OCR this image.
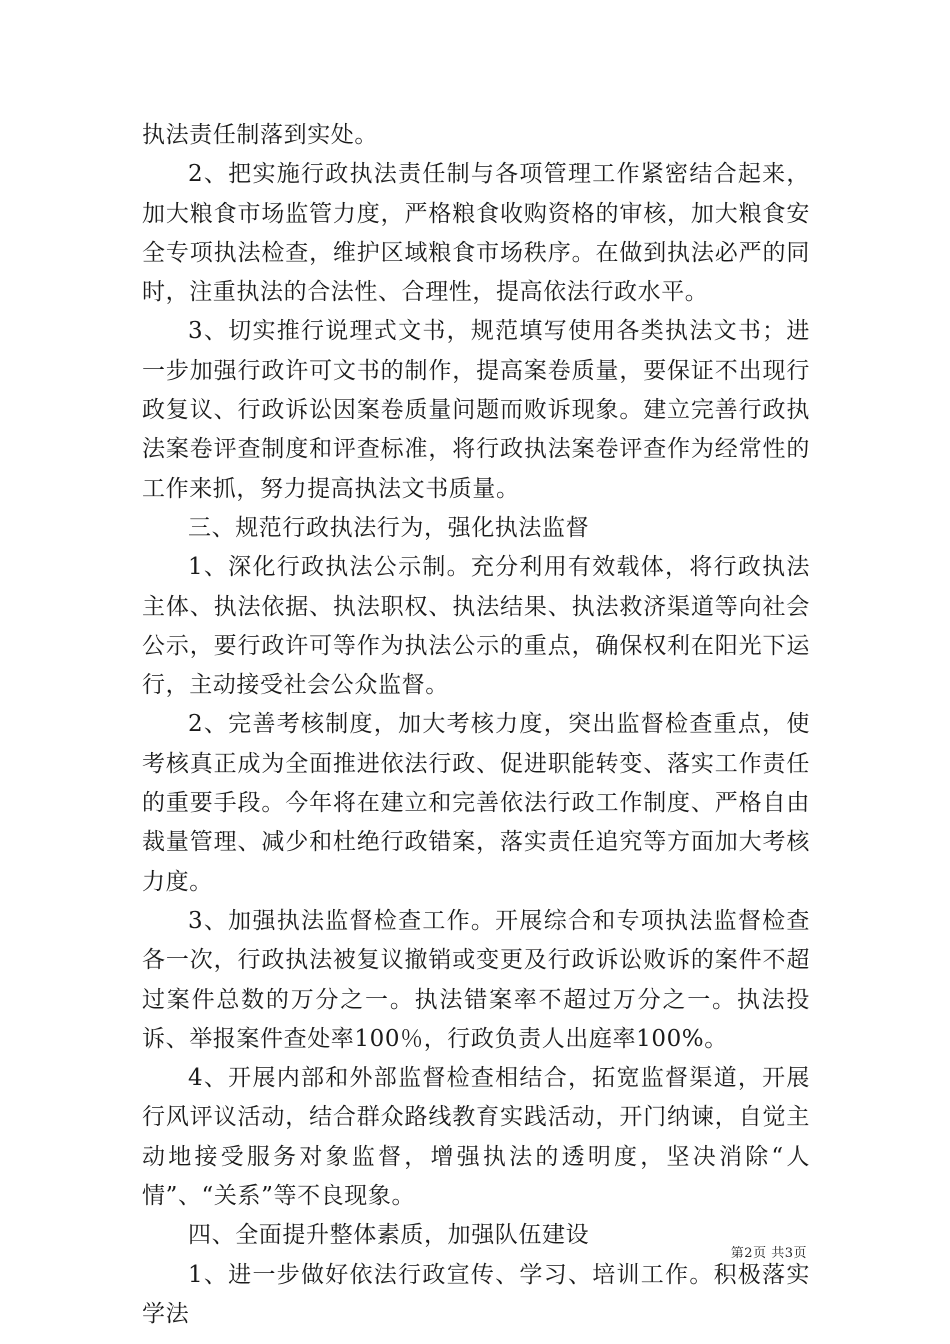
执法责任制落到实处。

2、把实施行政执法责任制与各项管理工作紧密结合起来，加大粮食市场监管力度，严格粮食收购资格的审核，加大粮食安全专项执法检查，维护区域粮食市场秩序。在做到执法必严的同时，注重执法的合法性、合理性，提高依法行政水平。

3、切实推行说理式文书，规范填写使用各类执法文书；进一步加强行政许可文书的制作，提高案卷质量，要保证不出现行政复议、行政诉讼因案卷质量问题而败诉现象。建立完善行政执法案卷评查制度和评查标准，将行政执法案卷评查作为经常性的工作来抓，努力提高执法文书质量。

三、规范行政执法行为，强化执法监督

1、深化行政执法公示制。充分利用有效载体，将行政执法主体、执法依据、执法职权、执法结果、执法救济渠道等向社会公示，要行政许可等作为执法公示的重点，确保权利在阳光下运行，主动接受社会公众监督。

2、完善考核制度，加大考核力度，突出监督检查重点，使考核真正成为全面推进依法行政、促进职能转变、落实工作责任的重要手段。今年将在建立和完善依法行政工作制度、严格自由裁量管理、减少和杜绝行政错案，落实责任追究等方面加大考核力度。

3、加强执法监督检查工作。开展综合和专项执法监督检查各一次，行政执法被复议撤销或变更及行政诉讼败诉的案件不超过案件总数的万分之一。执法错案率不超过万分之一。执法投诉、举报案件查处率100％，行政负责人出庭率100%。

4、开展内部和外部监督检查相结合，拓宽监督渠道，开展行风评议活动，结合群众路线教育实践活动，开门纳谏，自觉主动地接受服务对象监督，增强执法的透明度，坚决消除“人情”、“关系”等不良现象。

四、全面提升整体素质，加强队伍建设

1、进一步做好依法行政宣传、学习、培训工作。积极落实学法

第2页 共3页
